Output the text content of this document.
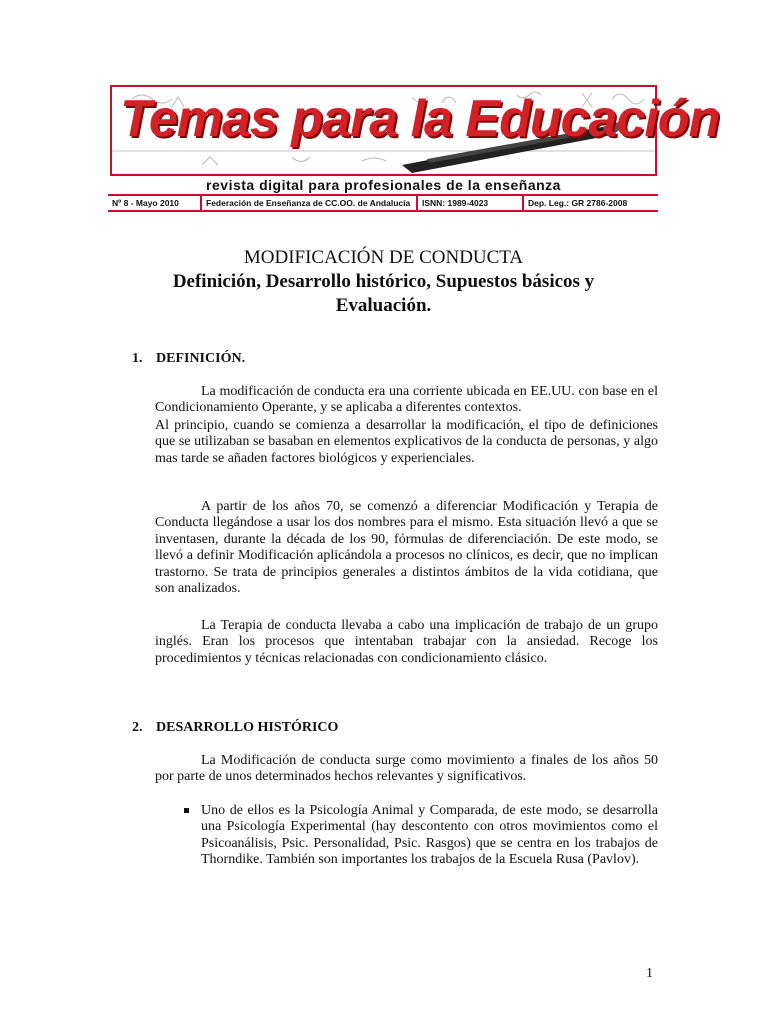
Temas para la Educación
revista digital para profesionales de la enseñanza
Nº 8 - Mayo 2010	Federación de Enseñanza de CC.OO. de Andalucía	ISNN: 1989-4023	Dep. Leg.: GR 2786-2008
MODIFICACIÓN DE CONDUCTA
Definición, Desarrollo histórico, Supuestos básicos y Evaluación.
1. DEFINICIÓN.

La modificación de conducta era una corriente ubicada en EE.UU. con base en el Condicionamiento Operante, y se aplicaba a diferentes contextos.

Al principio, cuando se comienza a desarrollar la modificación, el tipo de definiciones que se utilizaban se basaban en elementos explicativos de la conducta de personas, y algo mas tarde se añaden factores biológicos y experienciales.

A partir de los años 70, se comenzó a diferenciar Modificación y Terapia de Conducta llegándose a usar los dos nombres para el mismo. Esta situación llevó a que se inventasen, durante la década de los 90, fórmulas de diferenciación. De este modo, se llevó a definir Modificación aplicándola a procesos no clínicos, es decir, que no implican trastorno. Se trata de principios generales a distintos ámbitos de la vida cotidiana, que son analizados.

La Terapia de conducta llevaba a cabo una implicación de trabajo de un grupo inglés. Eran los procesos que intentaban trabajar con la ansiedad. Recoge los procedimientos y técnicas relacionadas con condicionamiento clásico.

2. DESARROLLO HISTÓRICO

La Modificación de conducta surge como movimiento a finales de los años 50 por parte de unos determinados hechos relevantes y significativos.

Uno de ellos es la Psicología Animal y Comparada, de este modo, se desarrolla una Psicología Experimental (hay descontento con otros movimientos como el Psicoanálisis, Psic. Personalidad, Psic. Rasgos) que se centra en los trabajos de Thorndike. También son importantes los trabajos de la Escuela Rusa (Pavlov).

1
